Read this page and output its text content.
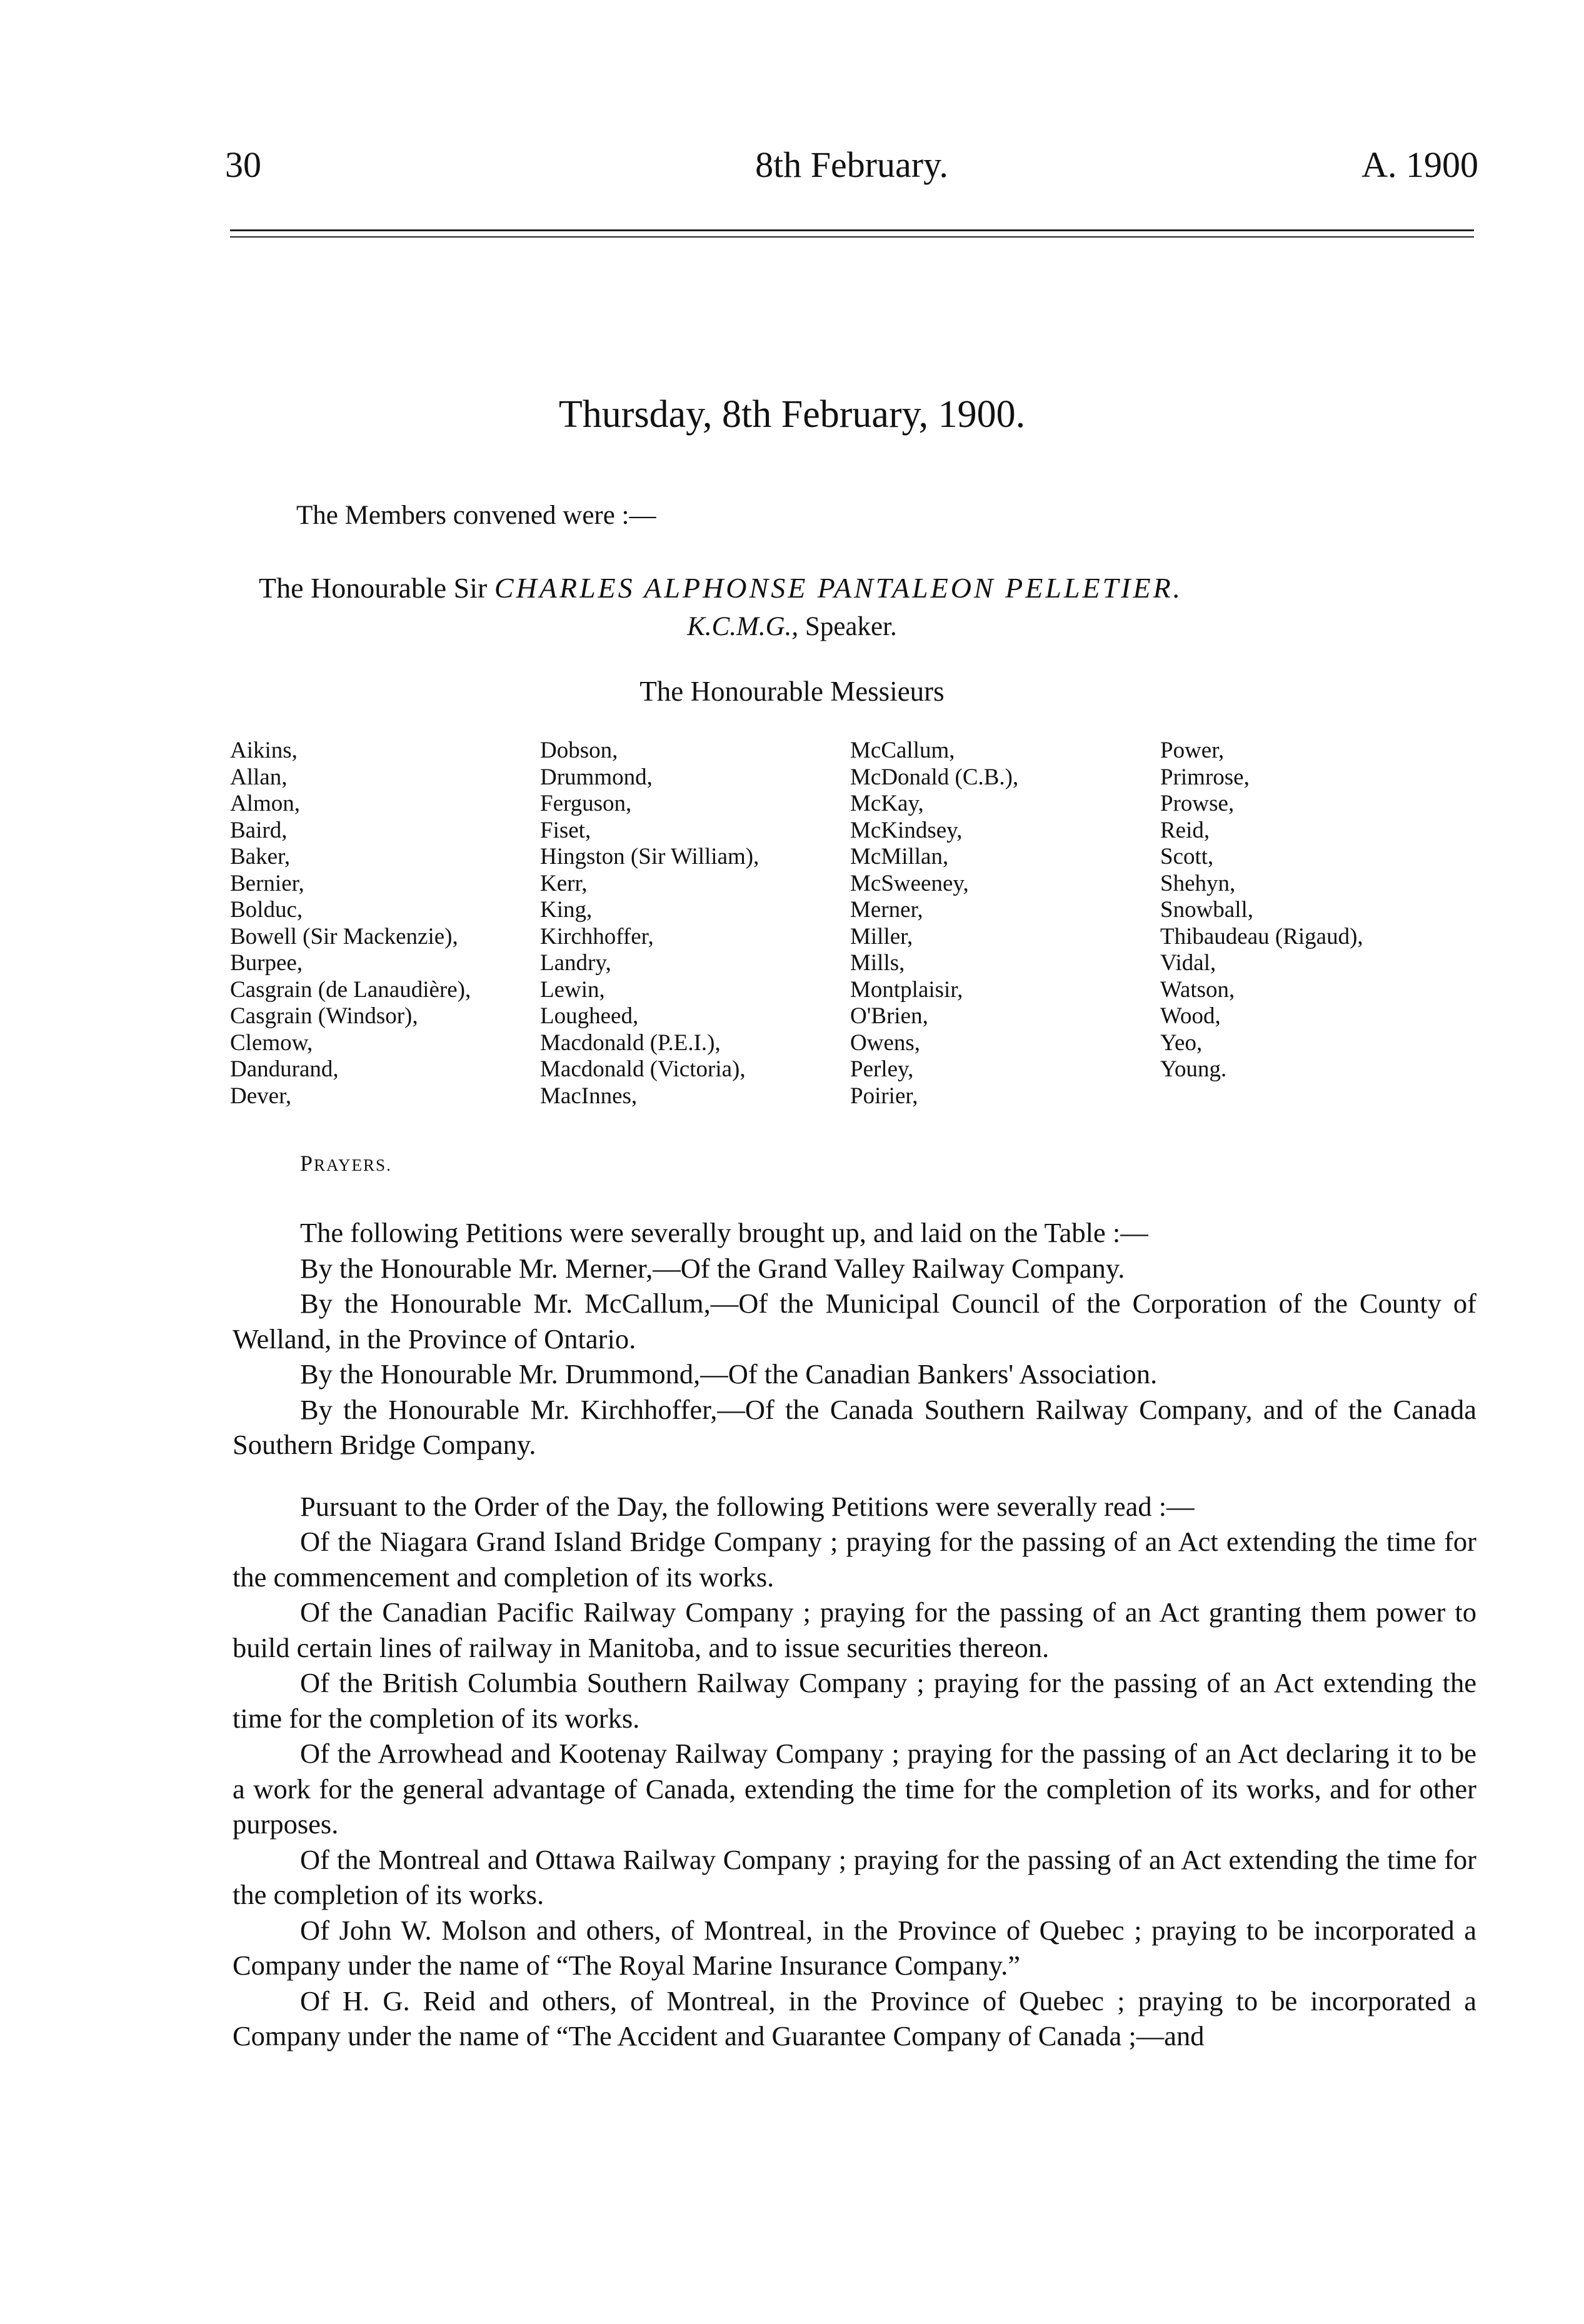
30	8th February.	A. 1900
Thursday, 8th February, 1900.
The Members convened were :—
The Honourable Sir CHARLES ALPHONSE PANTALEON PELLETIER.
K.C.M.G., Speaker.
The Honourable Messieurs
Aikins,
Allan,
Almon,
Baird,
Baker,
Bernier,
Bolduc,
Bowell (Sir Mackenzie),
Burpee,
Casgrain (de Lanaudière),
Casgrain (Windsor),
Clemow,
Dandurand,
Dever,
Dobson,
Drummond,
Ferguson,
Fiset,
Hingston (Sir William),
Kerr,
King,
Kirchhoffer,
Landry,
Lewin,
Lougheed,
Macdonald (P.E.I.),
Macdonald (Victoria),
MacInnes,
McCallum,
McDonald (C.B.),
McKay,
McKindsey,
McMillan,
McSweeney,
Merner,
Miller,
Mills,
Montplaisir,
O'Brien,
Owens,
Perley,
Poirier,
Power,
Primrose,
Prowse,
Reid,
Scott,
Shehyn,
Snowball,
Thibaudeau (Rigaud),
Vidal,
Watson,
Wood,
Yeo,
Young.
PRAYERS.

The following Petitions were severally brought up, and laid on the Table :—

By the Honourable Mr. Merner,—Of the Grand Valley Railway Company.

By the Honourable Mr. McCallum,—Of the Municipal Council of the Corporation of the County of Welland, in the Province of Ontario.

By the Honourable Mr. Drummond,—Of the Canadian Bankers' Association.

By the Honourable Mr. Kirchhoffer,—Of the Canada Southern Railway Company, and of the Canada Southern Bridge Company.

Pursuant to the Order of the Day, the following Petitions were severally read :—

Of the Niagara Grand Island Bridge Company ; praying for the passing of an Act extending the time for the commencement and completion of its works.

Of the Canadian Pacific Railway Company ; praying for the passing of an Act granting them power to build certain lines of railway in Manitoba, and to issue securities thereon.

Of the British Columbia Southern Railway Company ; praying for the passing of an Act extending the time for the completion of its works.

Of the Arrowhead and Kootenay Railway Company ; praying for the passing of an Act declaring it to be a work for the general advantage of Canada, extending the time for the completion of its works, and for other purposes.

Of the Montreal and Ottawa Railway Company ; praying for the passing of an Act extending the time for the completion of its works.

Of John W. Molson and others, of Montreal, in the Province of Quebec ; praying to be incorporated a Company under the name of “The Royal Marine Insurance Company.”

Of H. G. Reid and others, of Montreal, in the Province of Quebec ; praying to be incorporated a Company under the name of “The Accident and Guarantee Company of Canada ;—and
